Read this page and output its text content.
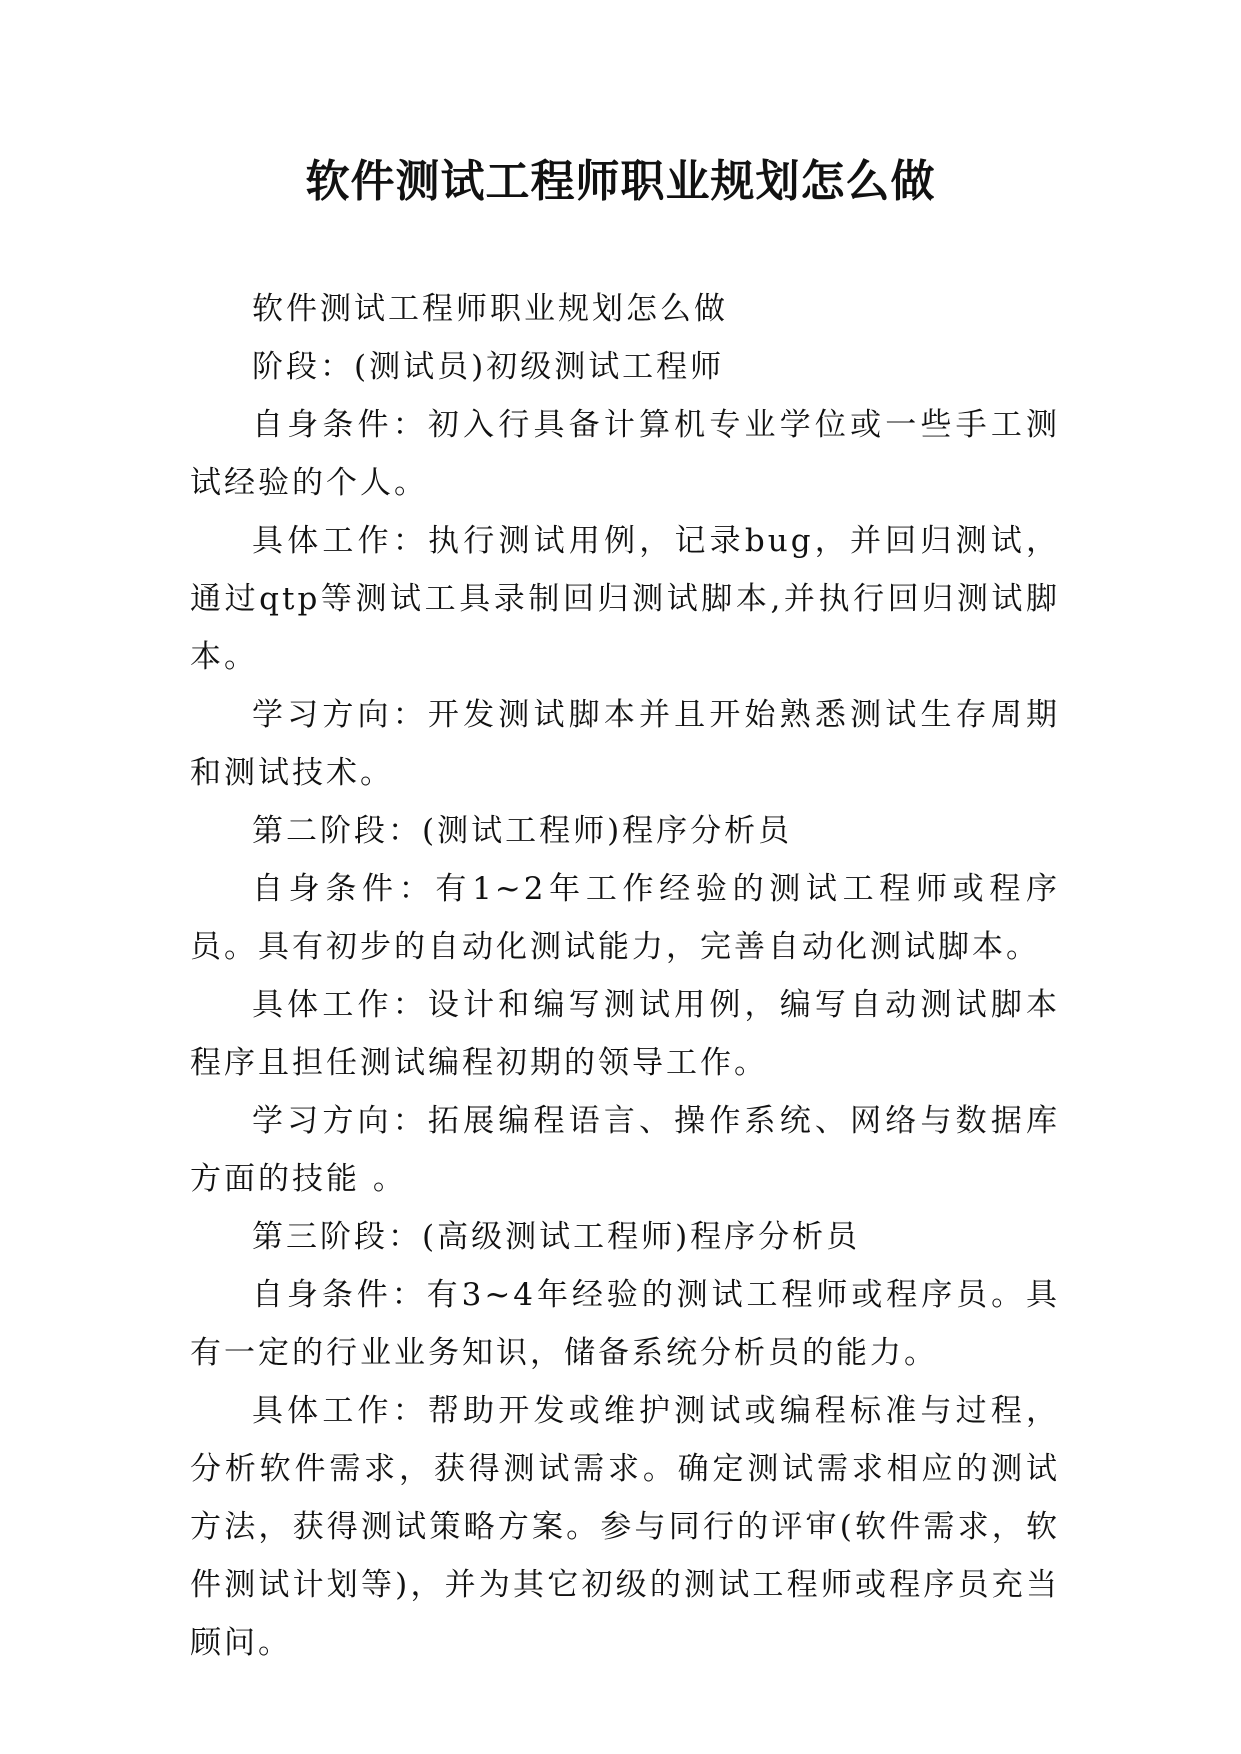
软件测试工程师职业规划怎么做

软件测试工程师职业规划怎么做

阶段：(测试员)初级测试工程师

自身条件：初入行具备计算机专业学位或一些手工测试经验的个人。

具体工作：执行测试用例，记录bug，并回归测试，通过qtp等测试工具录制回归测试脚本,并执行回归测试脚本。

学习方向：开发测试脚本并且开始熟悉测试生存周期和测试技术。

第二阶段：(测试工程师)程序分析员

自身条件：有1~2年工作经验的测试工程师或程序员。具有初步的自动化测试能力，完善自动化测试脚本。

具体工作：设计和编写测试用例，编写自动测试脚本程序且担任测试编程初期的领导工作。

学习方向：拓展编程语言、操作系统、网络与数据库方面的技能 。

第三阶段：(高级测试工程师)程序分析员

自身条件：有3~4年经验的测试工程师或程序员。具有一定的行业业务知识，储备系统分析员的能力。

具体工作：帮助开发或维护测试或编程标准与过程，分析软件需求，获得测试需求。确定测试需求相应的测试方法，获得测试策略方案。参与同行的评审(软件需求，软件测试计划等)，并为其它初级的测试工程师或程序员充当顾问。
